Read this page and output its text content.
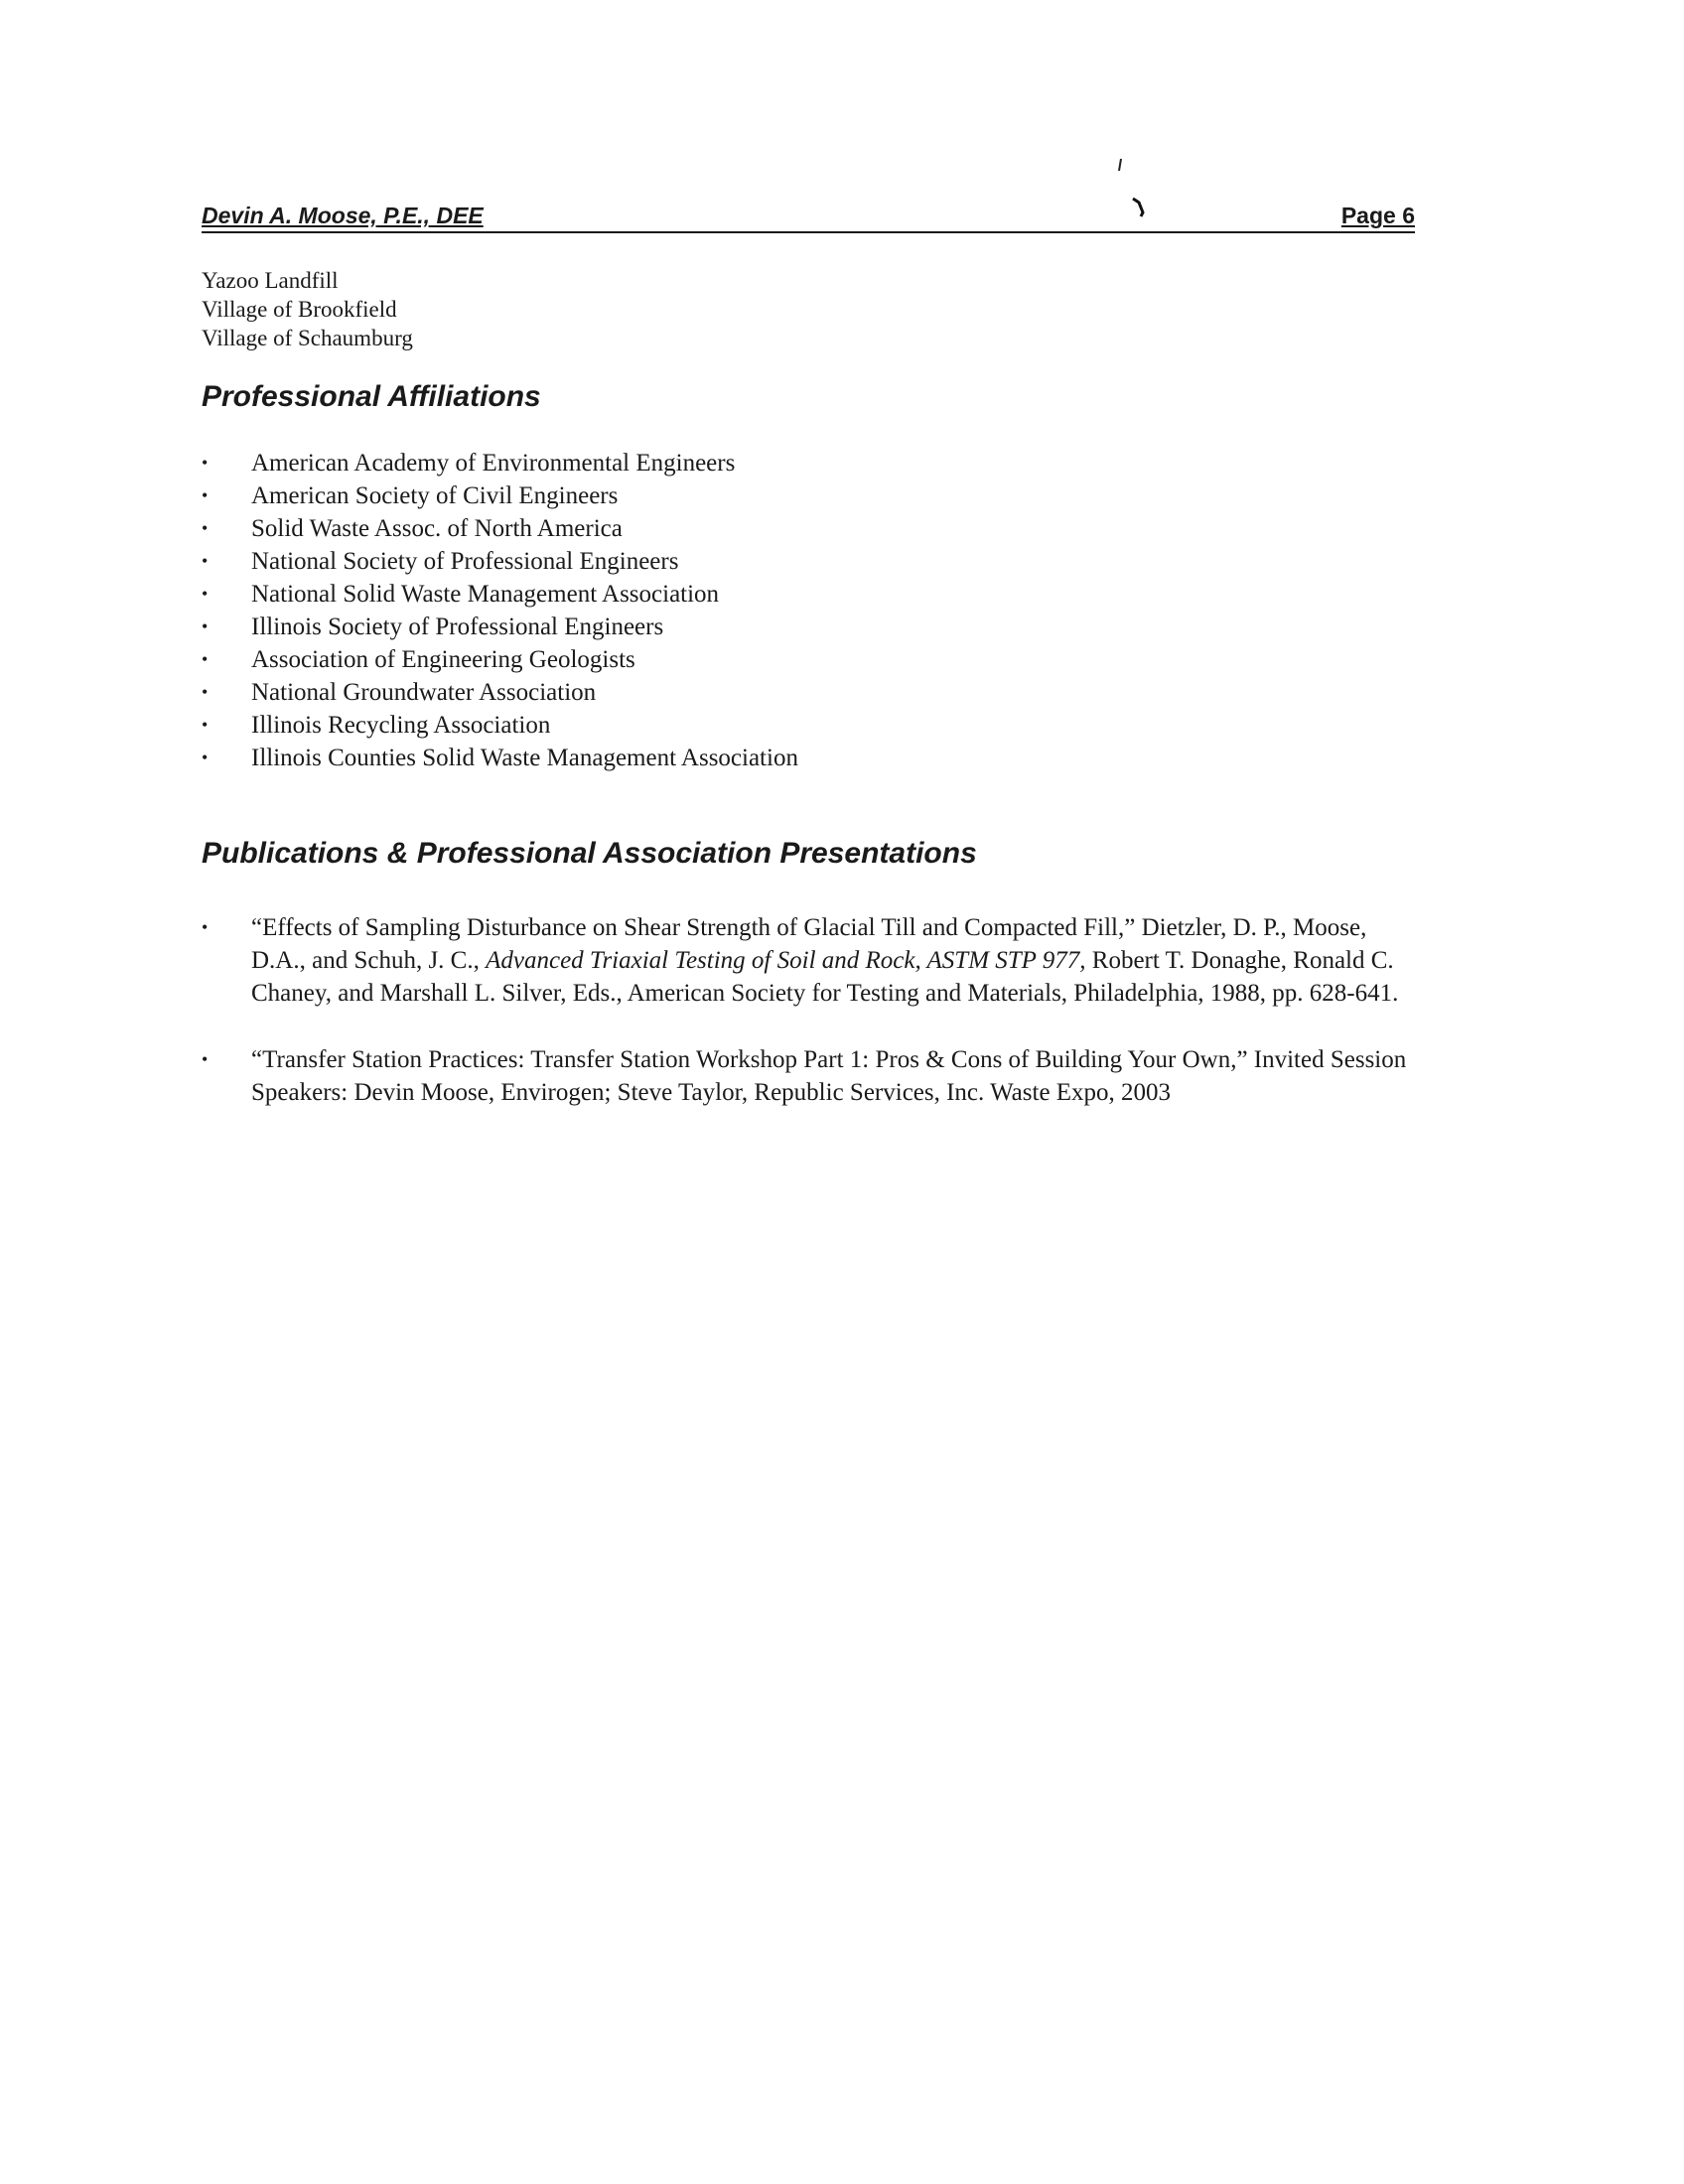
Devin A. Moose, P.E., DEE	Page 6
Yazoo Landfill
Village of Brookfield
Village of Schaumburg
Professional Affiliations
• American Academy of Environmental Engineers
• American Society of Civil Engineers
• Solid Waste Assoc. of North America
• National Society of Professional Engineers
• National Solid Waste Management Association
• Illinois Society of Professional Engineers
• Association of Engineering Geologists
• National Groundwater Association
• Illinois Recycling Association
• Illinois Counties Solid Waste Management Association
Publications & Professional Association Presentations
• “Effects of Sampling Disturbance on Shear Strength of Glacial Till and Compacted Fill,” Dietzler, D. P., Moose, D.A., and Schuh, J. C., Advanced Triaxial Testing of Soil and Rock, ASTM STP 977, Robert T. Donaghe, Ronald C. Chaney, and Marshall L. Silver, Eds., American Society for Testing and Materials, Philadelphia, 1988, pp. 628-641.
• “Transfer Station Practices: Transfer Station Workshop Part 1: Pros & Cons of Building Your Own,” Invited Session Speakers: Devin Moose, Envirogen; Steve Taylor, Republic Services, Inc. Waste Expo, 2003
